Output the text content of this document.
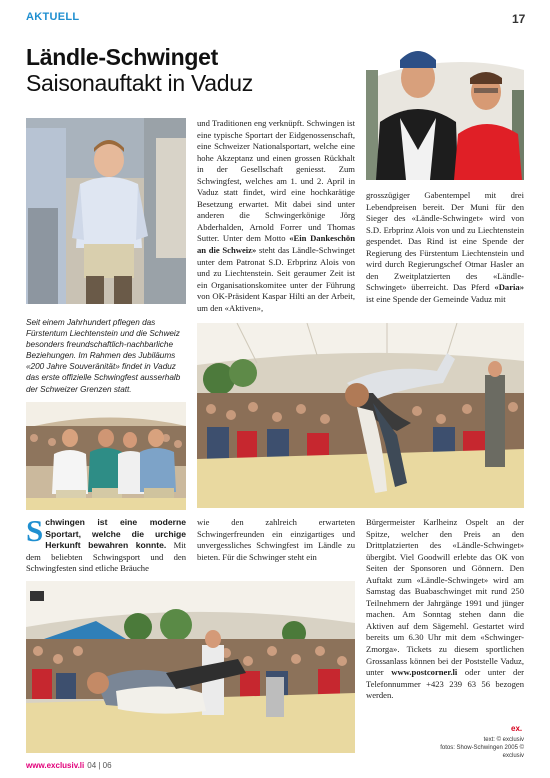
AKTUELL	17
Ländle-Schwinget
Saisonauftakt in Vaduz
und Traditionen eng verknüpft. Schwingen ist eine typische Sportart der Eidgenossenschaft, eine Schweizer Nationalsportart, welche eine hohe Akzeptanz und einen grossen Rückhalt in der Gesellschaft geniesst. Zum Schwingfest, welches am 1. und 2. April in Vaduz statt findet, wird eine hochkarätige Besetzung erwartet. Mit dabei sind unter anderen die Schwingerkönige Jörg Abderhalden, Arnold Forrer und Thomas Sutter. Unter dem Motto «Ein Dankeschön an die Schweiz» steht das Ländle-Schwinget unter dem Patronat S.D. Erbprinz Alois von und zu Liechtenstein. Seit geraumer Zeit ist ein Organisationskomitee unter der Führung von OK-Präsident Kaspar Hilti an der Arbeit, um den «Aktiven»,
grosszügiger Gabentempel mit drei Lebendpreisen bereit. Der Muni für den Sieger des «Ländle-Schwinget» wird von S.D. Erbprinz Alois von und zu Liechtenstein gespendet. Das Rind ist eine Spende der Regierung des Fürstentum Liechtenstein und wird durch Regierungschef Otmar Hasler an den Zweitplatzierten des «Ländle-Schwinget» überreicht. Das Pferd «Daria» ist eine Spende der Gemeinde Vaduz mit
Seit einem Jahrhundert pflegen das Fürstentum Liechtenstein und die Schweiz besonders freundschaftlich-nachbarliche Beziehungen. Im Rahmen des Jubiläums «200 Jahre Souveränität» findet in Vaduz das erste offizielle Schwingfest ausserhalb der Schweizer Grenzen statt.
Schwingen ist eine moderne Sportart, welche die urchige Herkunft bewahren konnte. Mit dem beliebten Schwingsport und den Schwingfesten sind etliche Bräuche
wie den zahlreich erwarteten Schwingerfreunden ein einzigartiges und unvergessliches Schwingfest im Ländle zu bieten. Für die Schwinger steht ein
Bürgermeister Karlheinz Ospelt an der Spitze, welcher den Preis an den Drittplatzierten des «Ländle-Schwinget» übergibt. Viel Goodwill erlebte das OK von Seiten der Sponsoren und Gönnern. Den Auftakt zum «Ländle-Schwinget» wird am Samstag das Buabaschwinget mit rund 250 Teilnehmern der Jahrgänge 1991 und jünger machen. Am Sonntag stehen dann die Aktiven auf dem Sägemehl. Gestartet wird bereits um 6.30 Uhr mit dem «Schwinger-Zmorga». Tickets zu diesem sportlichen Grossanlass können bei der Poststelle Vaduz, unter www.postcorner.li oder unter der Telefonnummer +423 239 63 56 bezogen werden.
ex.
text: © exclusiv
fotos: Show-Schwingen 2005 © exclusiv
www.exclusiv.li 04 | 06
